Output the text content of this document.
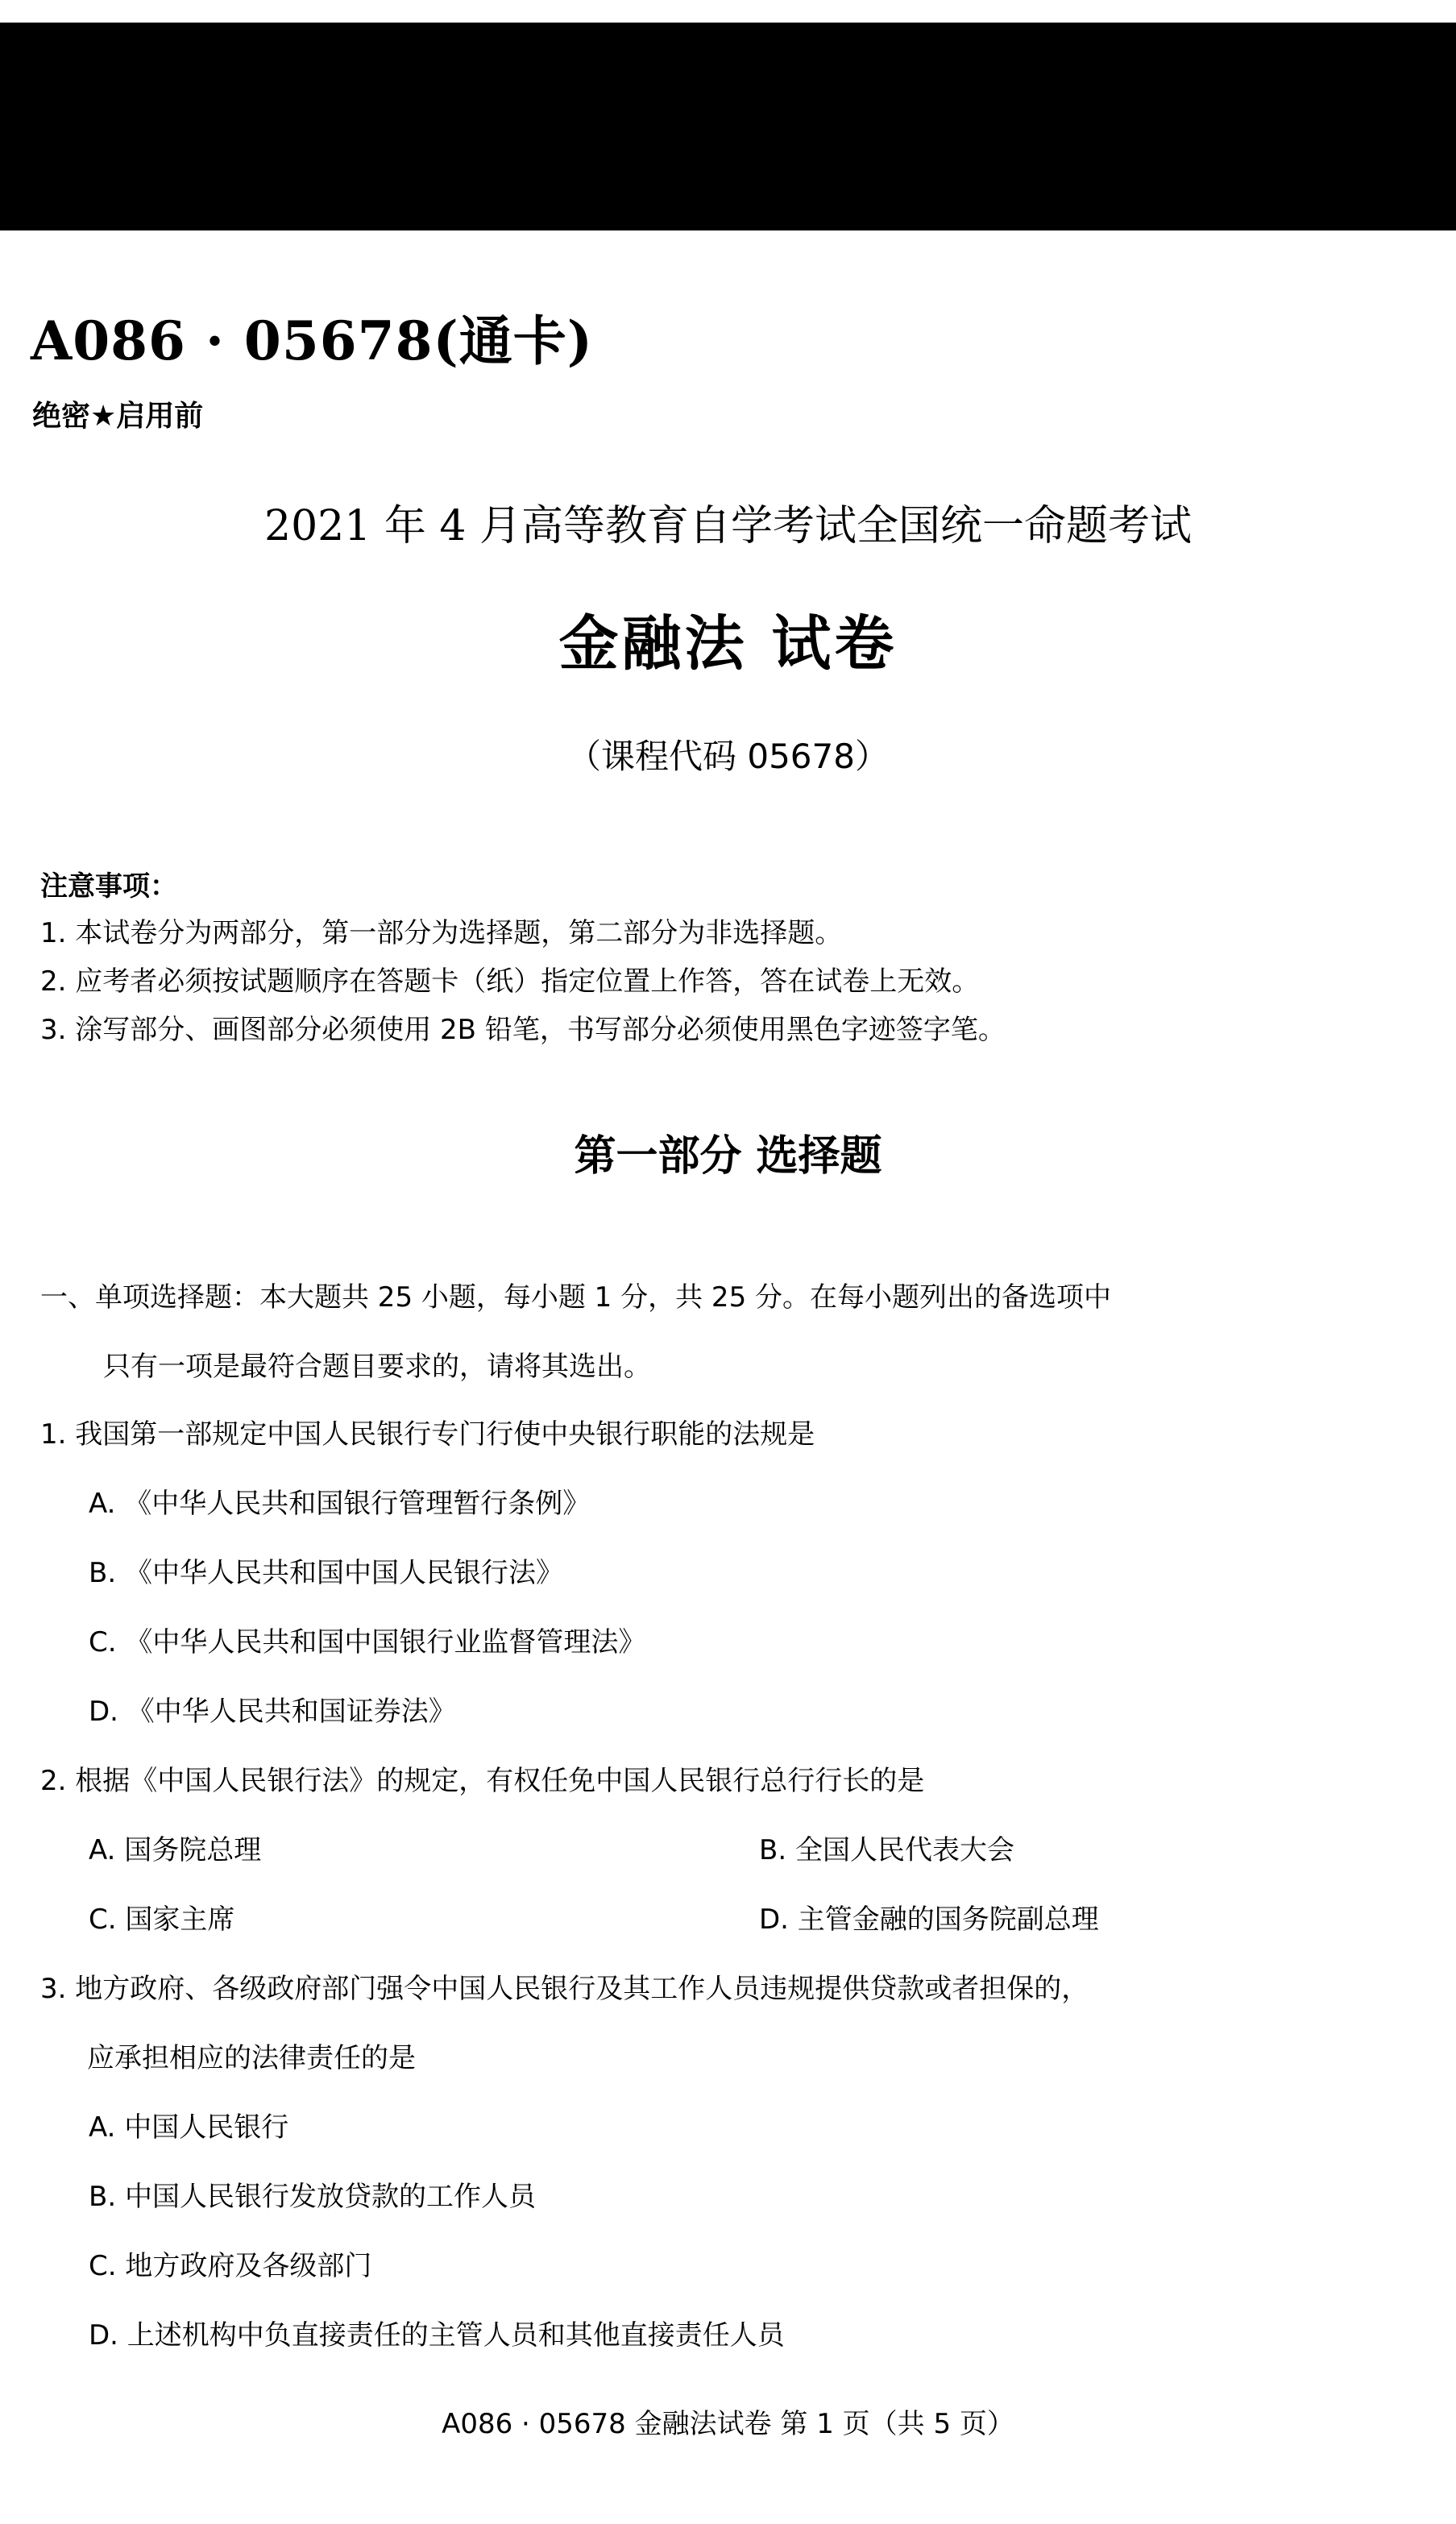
A086 · 05678(通卡)
绝密★启用前
2021 年 4 月高等教育自学考试全国统一命题考试
金融法 试卷
（课程代码 05678）
注意事项：
1. 本试卷分为两部分，第一部分为选择题，第二部分为非选择题。
2. 应考者必须按试题顺序在答题卡（纸）指定位置上作答，答在试卷上无效。
3. 涂写部分、画图部分必须使用 2B 铅笔，书写部分必须使用黑色字迹签字笔。
第一部分 选择题
一、单项选择题：本大题共 25 小题，每小题 1 分，共 25 分。在每小题列出的备选项中
只有一项是最符合题目要求的，请将其选出。
1. 我国第一部规定中国人民银行专门行使中央银行职能的法规是
A. 《中华人民共和国银行管理暂行条例》
B. 《中华人民共和国中国人民银行法》
C. 《中华人民共和国中国银行业监督管理法》
D. 《中华人民共和国证券法》
2. 根据《中国人民银行法》的规定，有权任免中国人民银行总行行长的是
A. 国务院总理	B. 全国人民代表大会
C. 国家主席	D. 主管金融的国务院副总理
3. 地方政府、各级政府部门强令中国人民银行及其工作人员违规提供贷款或者担保的，
应承担相应的法律责任的是
A. 中国人民银行
B. 中国人民银行发放贷款的工作人员
C. 地方政府及各级部门
D. 上述机构中负直接责任的主管人员和其他直接责任人员
A086 · 05678 金融法试卷 第 1 页（共 5 页）
